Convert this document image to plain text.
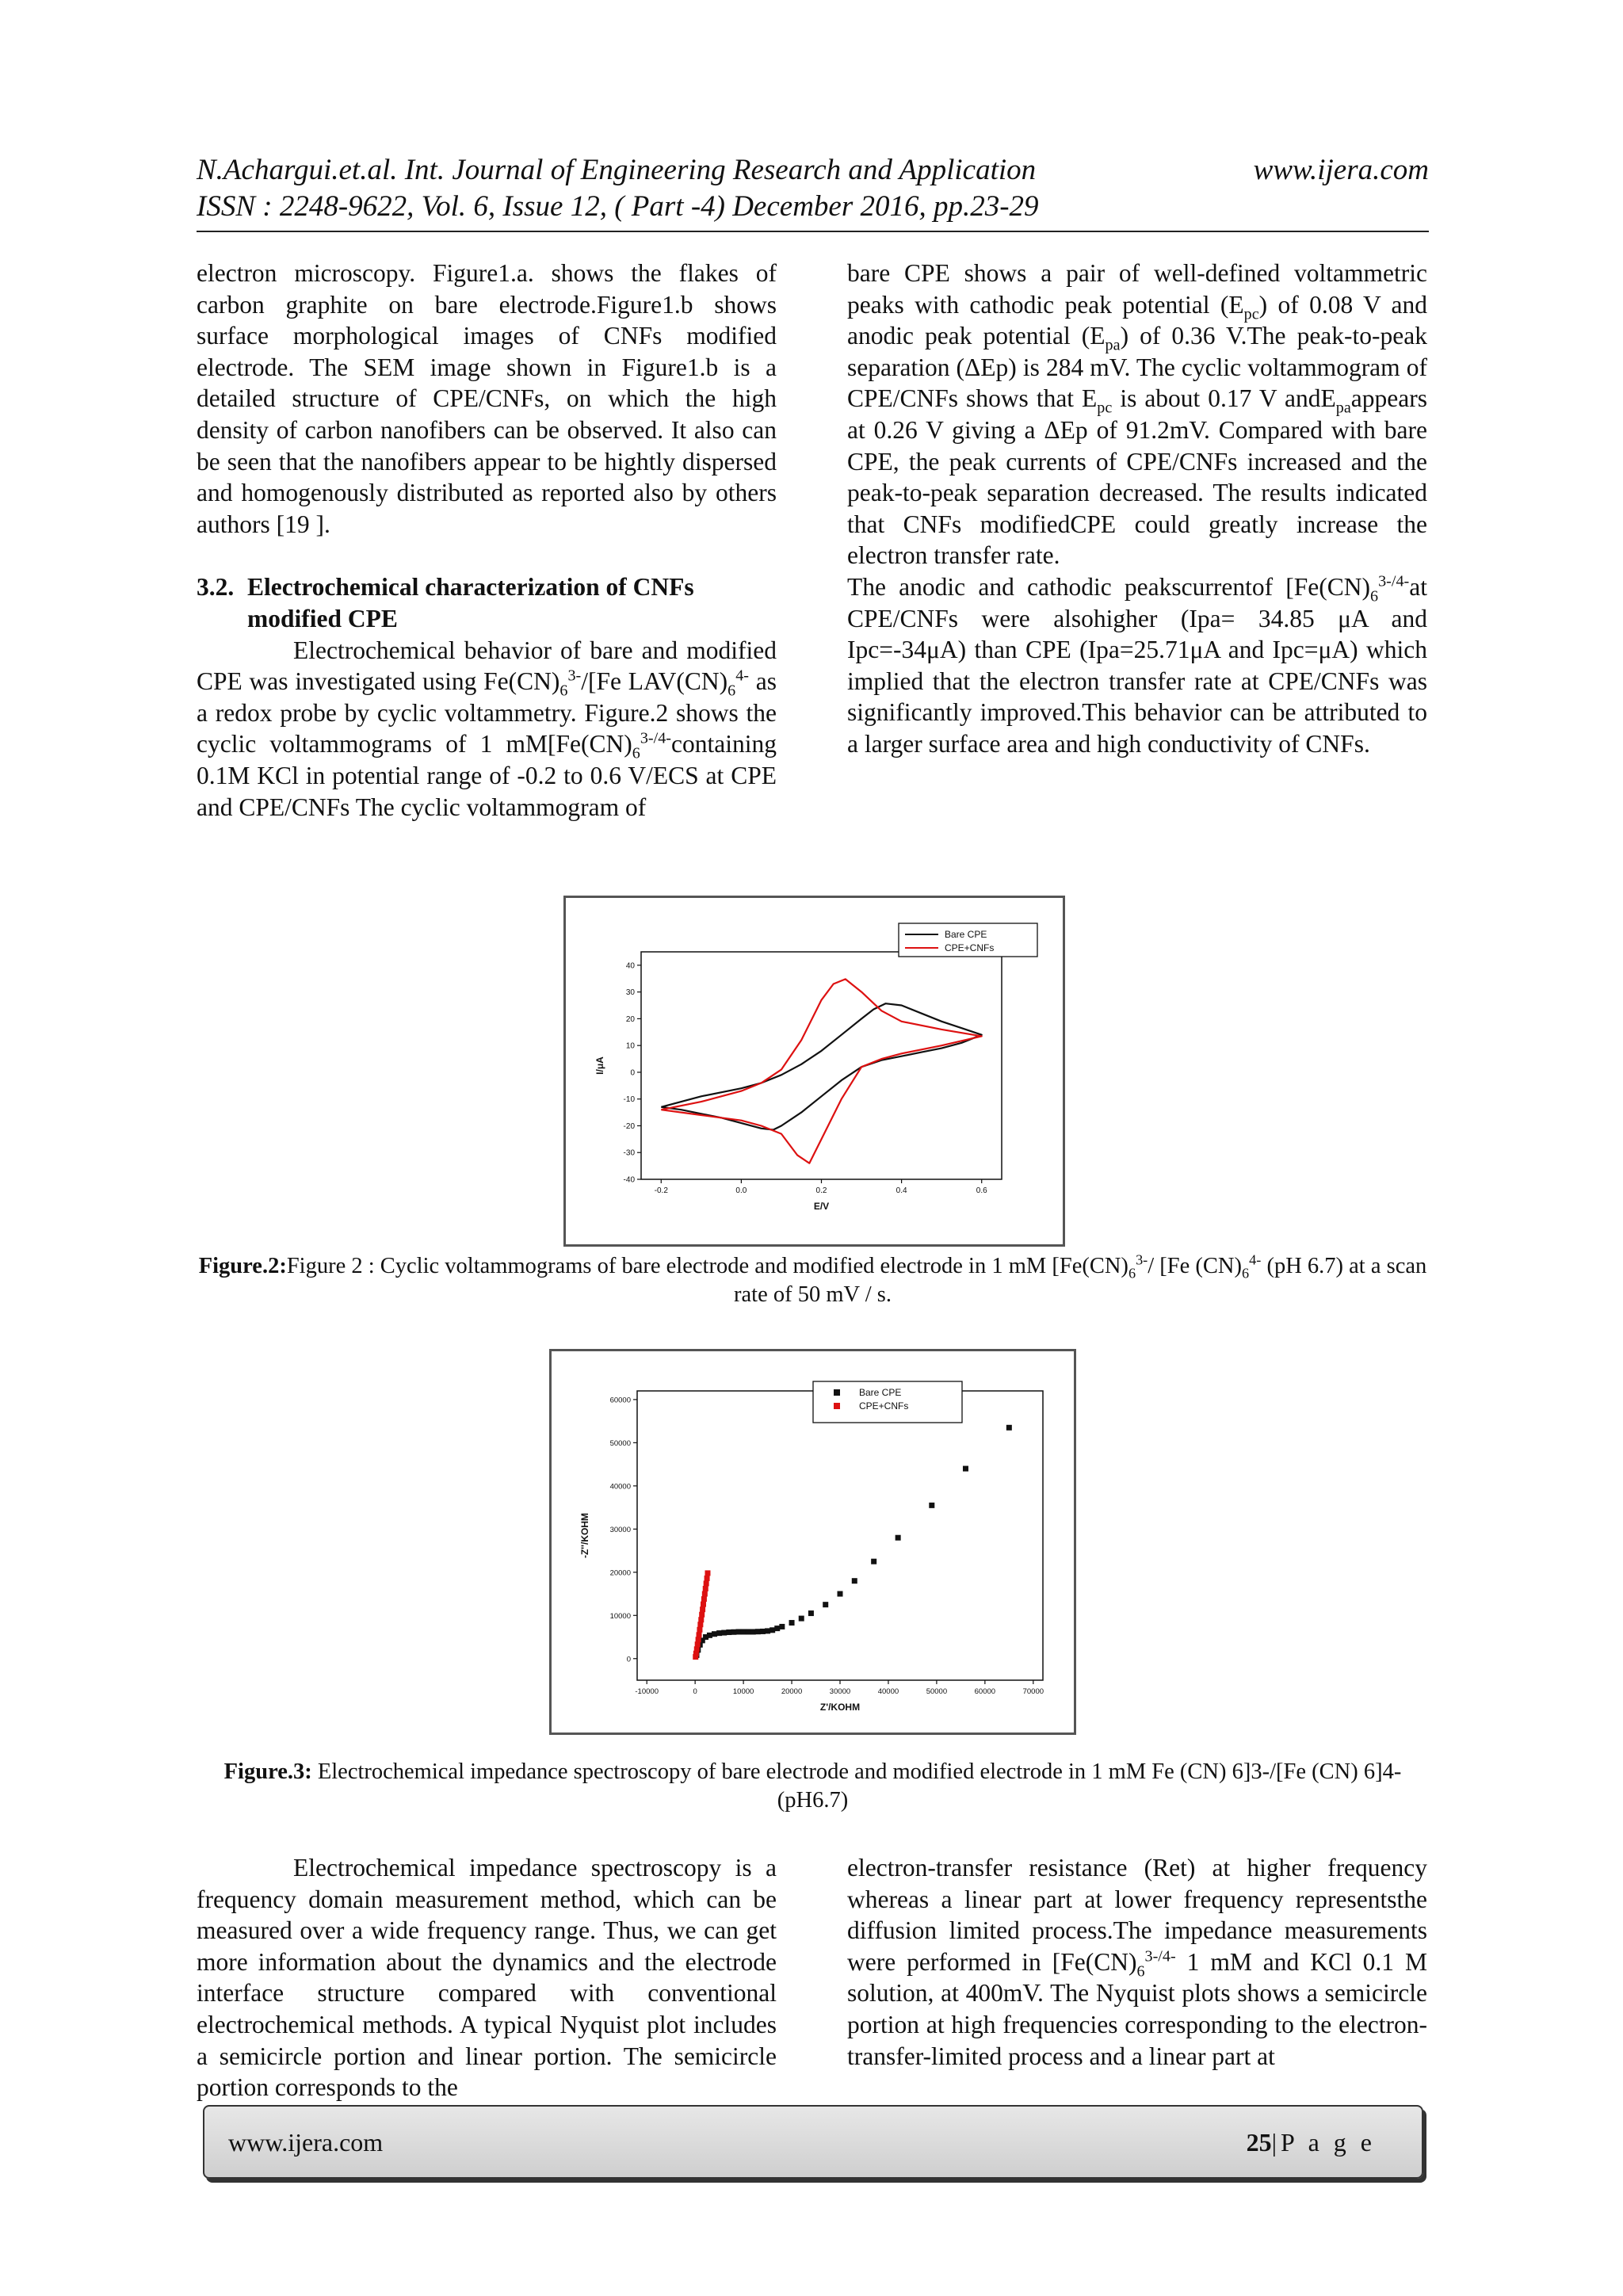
N.Achargui.et.al. Int. Journal of Engineering Research and Application	www.ijera.com
ISSN : 2248-9622, Vol. 6, Issue 12, ( Part -4) December 2016, pp.23-29

electron microscopy. Figure1.a. shows the flakes of carbon graphite on bare electrode.Figure1.b shows surface morphological images of CNFs modified electrode. The SEM image shown in Figure1.b is a detailed structure of CPE/CNFs, on which the high density of carbon nanofibers can be observed. It also can be seen that the nanofibers appear to be hightly dispersed and homogenously distributed as reported also by others authors [19 ].

3.2. Electrochemical characterization of CNFs

modified CPE

Electrochemical behavior of bare and modified CPE was investigated using $Fe(CN)_6^{3-}/[Fe$ $LAV(CN)_6^{4-}$ as a redox probe by cyclic voltammetry. Figure.2 shows the cyclic voltammograms of 1 $mM[Fe(CN)_6^{3-/4-}containing$ 0.1M KCl in potential range of -0.2 to 0.6 V/ECS at CPE and CPE/CNFs The cyclic voltammogram of

bare CPE shows a pair of well-defined voltammetric peaks with cathodic peak potential $(E_{pc})$ of 0.08 V and anodic peak potential $(E_{pa})$ of 0.36 V.The peak-to-peak separation (ΔEp) is 284 mV. The cyclic voltammogram of CPE/CNFs shows that $E_{pc}$ is about 0.17 V andE$_{pa}$appears at 0.26 V giving a ΔEp of 91.2mV. Compared with bare CPE, the peak currents of CPE/CNFs increased and the peak-to-peak separation decreased. The results indicated that CNFs modifiedCPE could greatly increase the electron transfer rate.

The anodic and cathodic peakscurrentof [$Fe(CN)_6^{3-/4-}at$ CPE/CNFs were alsohigher (Ipa= 34.85 μA and Ipc=-34μA) than CPE (Ipa=25.71μA and Ipc=μA) which implied that the electron transfer rate at CPE/CNFs was significantly improved.This behavior can be attributed to a larger surface area and high conductivity of CNFs.

-0.2	0.0	0.2	0.4	0.6
40
30
20
10
0
-10
-20
-30
-40
E/V
I/μA
Bare CPE
CPE+CNFs
Figure.2:Figure 2 : Cyclic voltammograms of bare electrode and modified electrode in 1 mM [$Fe(CN)_6^{3-}/$ [Fe $(CN)_6^{4-}$ (pH 6.7) at a scan rate of 50 mV / s.
-10000	0	10000	20000	30000	40000	50000	60000	70000
60000
50000
40000
30000
20000
10000
0
Z'/KOHM
-Z''/KOHM
Bare CPE
CPE+CNFs
Figure.3: Electrochemical impedance spectroscopy of bare electrode and modified electrode in 1 mM Fe (CN) 6]3-/[Fe (CN) 6]4-(pH6.7)

Electrochemical impedance spectroscopy is a frequency domain measurement method, which can be measured over a wide frequency range. Thus, we can get more information about the dynamics and the electrode interface structure compared with conventional electrochemical methods. A typical Nyquist plot includes a semicircle portion and linear portion. The semicircle portion corresponds to the

electron-transfer resistance (Ret) at higher frequency whereas a linear part at lower frequency representsthe diffusion limited process.The impedance measurements were performed in [$Fe(CN)_6^{3-/4-}$ 1 mM and KCl 0.1 M solution, at 400mV. The Nyquist plots shows a semicircle portion at high frequencies corresponding to the electron-transfer-limited process and a linear part at

www.ijera.com	25|P a g e
